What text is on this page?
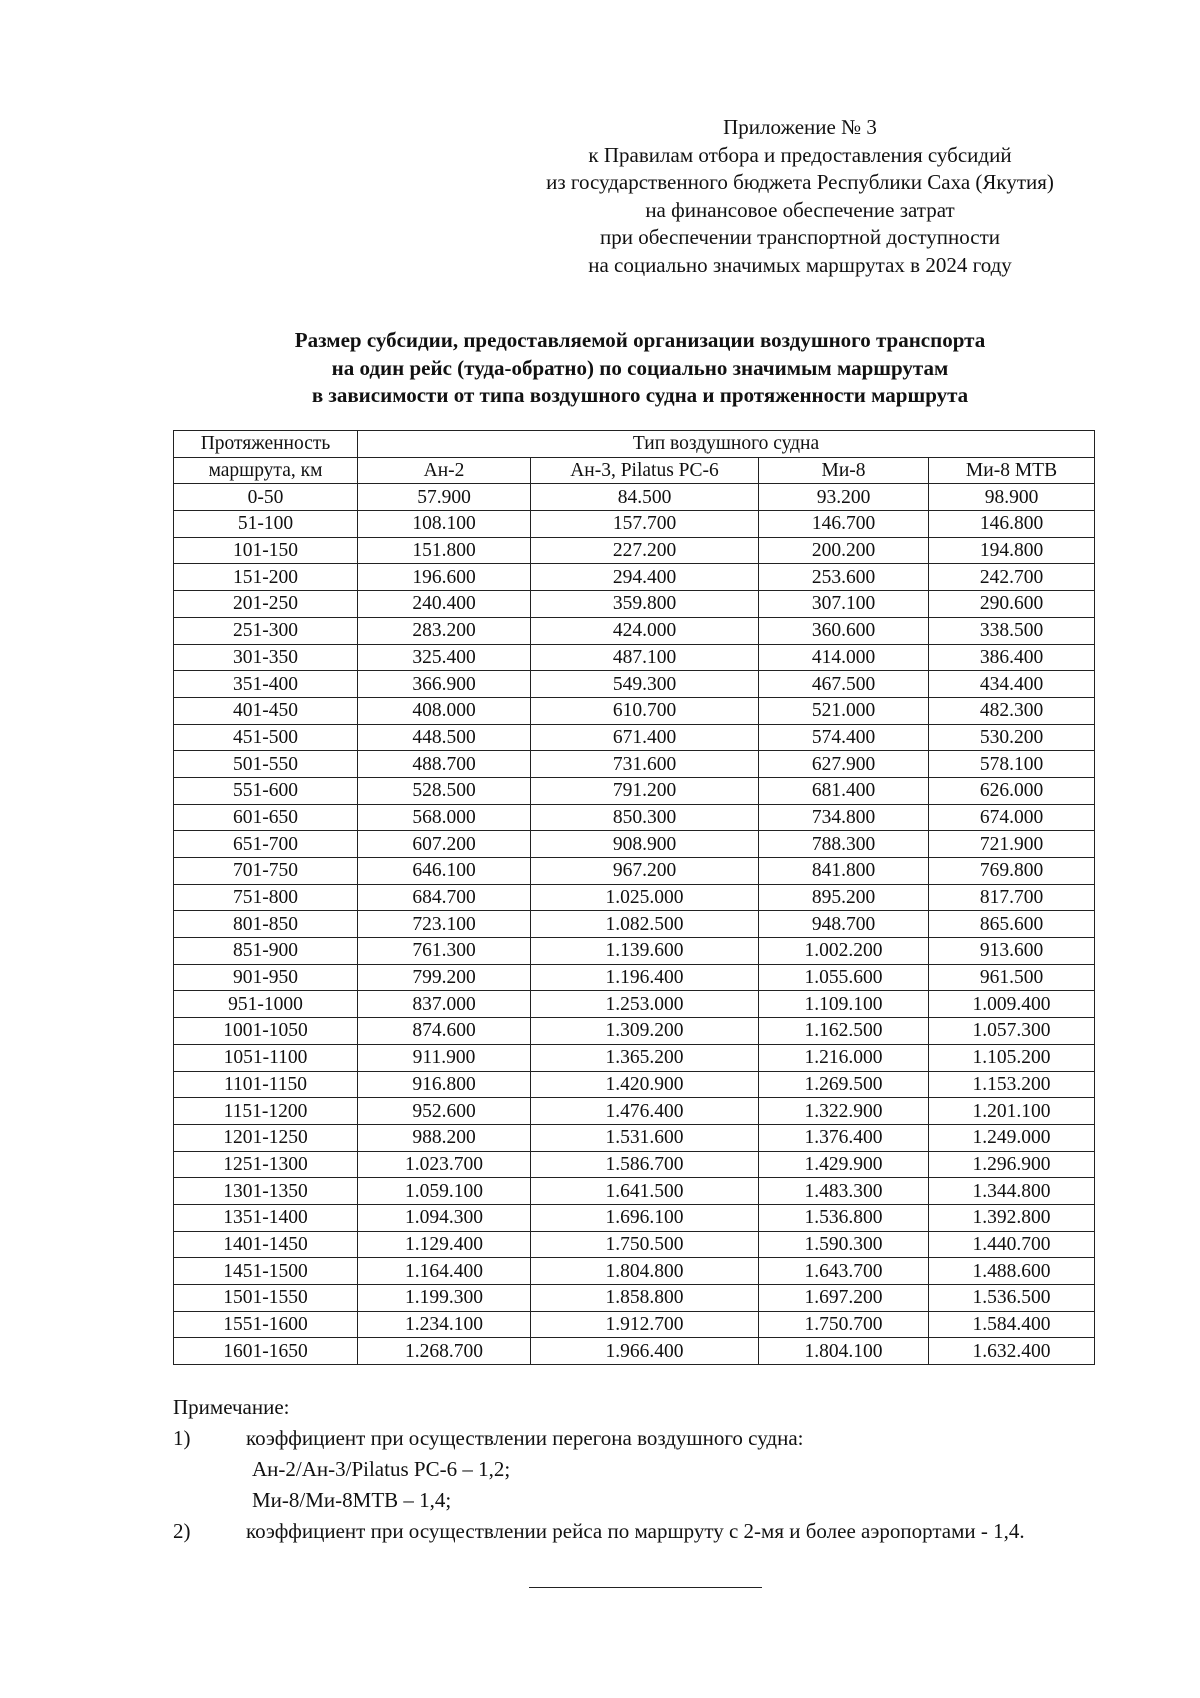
Приложение № 3
к Правилам отбора и предоставления субсидий
из государственного бюджета Республики Саха (Якутия)
на финансовое обеспечение затрат
при обеспечении транспортной доступности
на социально значимых маршрутах в 2024 году
Размер субсидии, предоставляемой организации воздушного транспорта
на один рейс (туда-обратно) по социально значимым маршрутам
в зависимости от типа воздушного судна и протяженности маршрута
Протяженность	Тип воздушного судна			
маршрута, км	Ан-2	Ан-3, Pilatus PC-6	Ми-8	Ми-8 МТВ
0-50	57.900	84.500	93.200	98.900
51-100	108.100	157.700	146.700	146.800
101-150	151.800	227.200	200.200	194.800
151-200	196.600	294.400	253.600	242.700
201-250	240.400	359.800	307.100	290.600
251-300	283.200	424.000	360.600	338.500
301-350	325.400	487.100	414.000	386.400
351-400	366.900	549.300	467.500	434.400
401-450	408.000	610.700	521.000	482.300
451-500	448.500	671.400	574.400	530.200
501-550	488.700	731.600	627.900	578.100
551-600	528.500	791.200	681.400	626.000
601-650	568.000	850.300	734.800	674.000
651-700	607.200	908.900	788.300	721.900
701-750	646.100	967.200	841.800	769.800
751-800	684.700	1.025.000	895.200	817.700
801-850	723.100	1.082.500	948.700	865.600
851-900	761.300	1.139.600	1.002.200	913.600
901-950	799.200	1.196.400	1.055.600	961.500
951-1000	837.000	1.253.000	1.109.100	1.009.400
1001-1050	874.600	1.309.200	1.162.500	1.057.300
1051-1100	911.900	1.365.200	1.216.000	1.105.200
1101-1150	916.800	1.420.900	1.269.500	1.153.200
1151-1200	952.600	1.476.400	1.322.900	1.201.100
1201-1250	988.200	1.531.600	1.376.400	1.249.000
1251-1300	1.023.700	1.586.700	1.429.900	1.296.900
1301-1350	1.059.100	1.641.500	1.483.300	1.344.800
1351-1400	1.094.300	1.696.100	1.536.800	1.392.800
1401-1450	1.129.400	1.750.500	1.590.300	1.440.700
1451-1500	1.164.400	1.804.800	1.643.700	1.488.600
1501-1550	1.199.300	1.858.800	1.697.200	1.536.500
1551-1600	1.234.100	1.912.700	1.750.700	1.584.400
1601-1650	1.268.700	1.966.400	1.804.100	1.632.400
Примечание:
1)	коэффициент при осуществлении перегона воздушного судна:
Ан-2/Ан-3/Pilatus PC-6 – 1,2;
Ми-8/Ми-8МТВ – 1,4;
2)	коэффициент при осуществлении рейса по маршруту с 2-мя и более аэропортами - 1,4.
